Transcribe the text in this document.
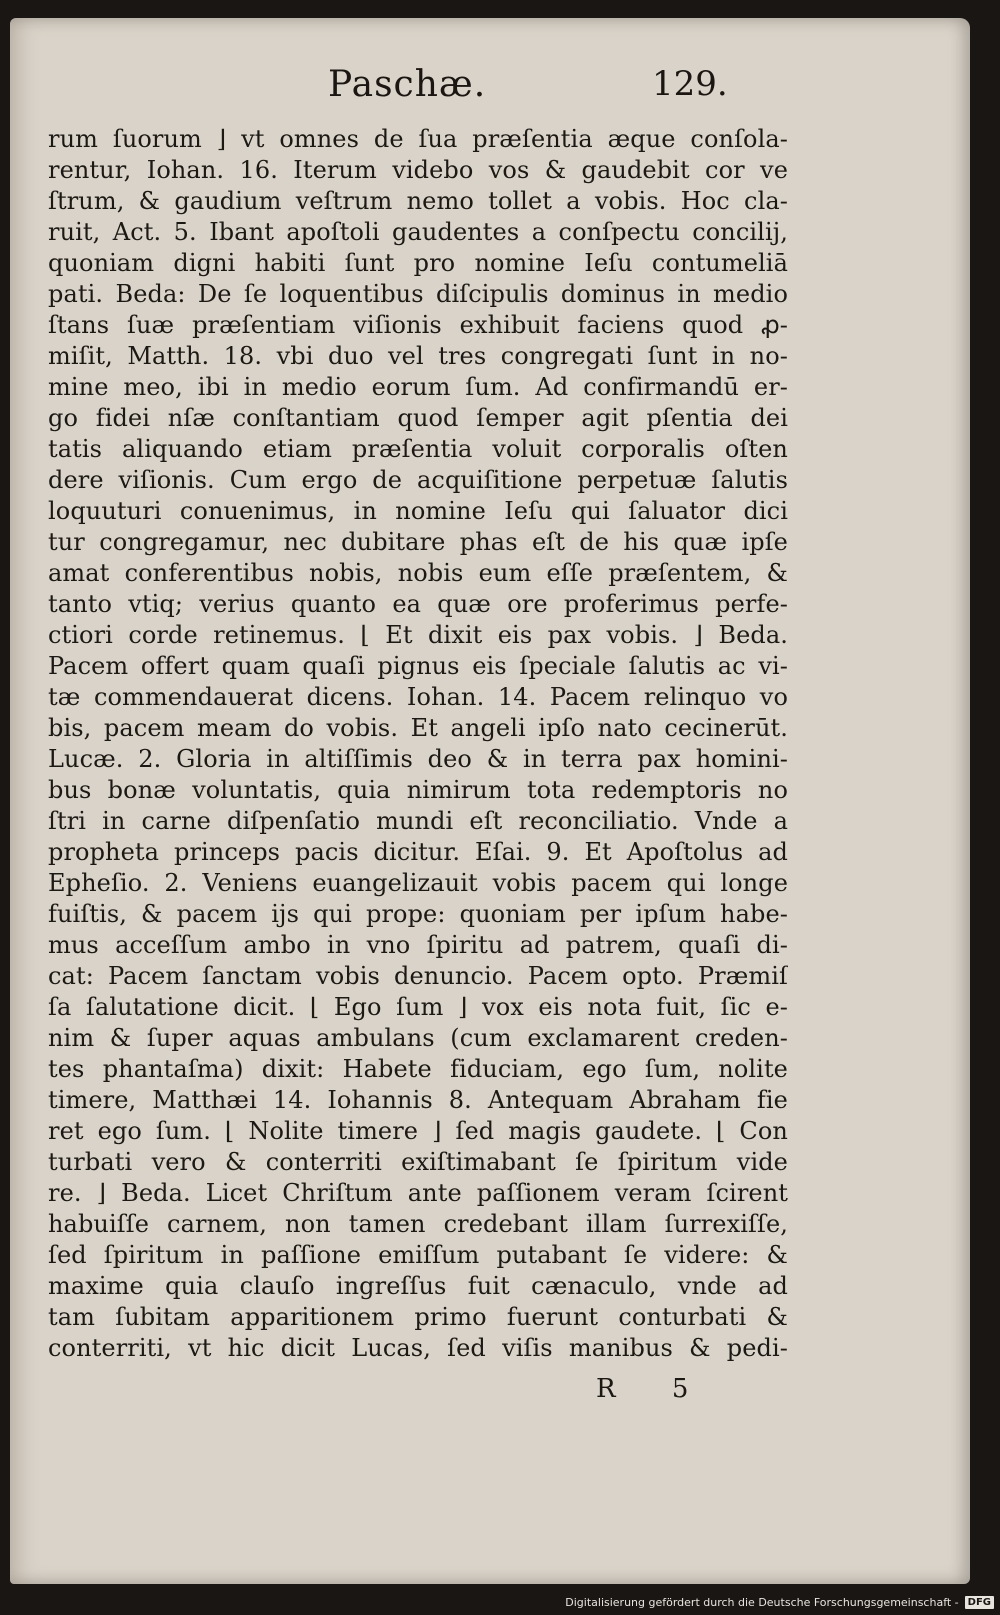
Paschæ.	129.
rum ſuorum ⌋ vt omnes de ſua præſentia æque conſola-
rentur, Iohan. 16. Iterum videbo vos & gaudebit cor ve
ſtrum, & gaudium veſtrum nemo tollet a vobis. Hoc cla-
ruit, Act. 5. Ibant apoſtoli gaudentes a conſpectu concilij,
quoniam digni habiti ſunt pro nomine Ieſu contumeliā
pati. Beda: De ſe loquentibus diſcipulis dominus in medio
ſtans ſuæ præſentiam viſionis exhibuit faciens quod ꝓ-
miſit, Matth. 18. vbi duo vel tres congregati ſunt in no-
mine meo, ibi in medio eorum ſum. Ad confirmandū er-
go fidei nſæ conſtantiam quod ſemper agit pſentia dei
tatis aliquando etiam præſentia voluit corporalis oſten
dere viſionis. Cum ergo de acquiſitione perpetuæ ſalutis
loquuturi conuenimus, in nomine Ieſu qui ſaluator dici
tur congregamur, nec dubitare phas eſt de his quæ ipſe
amat conferentibus nobis, nobis eum eſſe præſentem, &
tanto vtiq; verius quanto ea quæ ore proferimus perfe-
ctiori corde retinemus. ⌊ Et dixit eis pax vobis. ⌋ Beda.
Pacem offert quam quaſi pignus eis ſpeciale ſalutis ac vi-
tæ commendauerat dicens. Iohan. 14. Pacem relinquo vo
bis, pacem meam do vobis. Et angeli ipſo nato cecinerūt.
Lucæ. 2. Gloria in altiſſimis deo & in terra pax homini-
bus bonæ voluntatis, quia nimirum tota redemptoris no
ſtri in carne diſpenſatio mundi eſt reconciliatio. Vnde a
propheta princeps pacis dicitur. Eſai. 9. Et Apoſtolus ad
Epheſio. 2. Veniens euangelizauit vobis pacem qui longe
fuiſtis, & pacem ijs qui prope: quoniam per ipſum habe-
mus acceſſum ambo in vno ſpiritu ad patrem, quaſi di-
cat: Pacem ſanctam vobis denuncio. Pacem opto. Præmiſ
ſa ſalutatione dicit. ⌊ Ego ſum ⌋ vox eis nota fuit, ſic e-
nim & ſuper aquas ambulans (cum exclamarent creden-
tes phantaſma) dixit: Habete fiduciam, ego ſum, nolite
timere, Matthæi 14. Iohannis 8. Antequam Abraham fie
ret ego ſum. ⌊ Nolite timere ⌋ ſed magis gaudete. ⌊ Con
turbati vero & conterriti exiſtimabant ſe ſpiritum vide
re. ⌋ Beda. Licet Chriſtum ante paſſionem veram ſcirent
habuiſſe carnem, non tamen credebant illam ſurrexiſſe,
ſed ſpiritum in paſſione emiſſum putabant ſe videre: &
maxime quia clauſo ingreſſus fuit cænaculo, vnde ad
tam ſubitam apparitionem primo fuerunt conturbati &
conterriti, vt hic dicit Lucas, ſed viſis manibus & pedi-
R 5
Digitalisierung gefördert durch die Deutsche Forschungsgemeinschaft - DFG
